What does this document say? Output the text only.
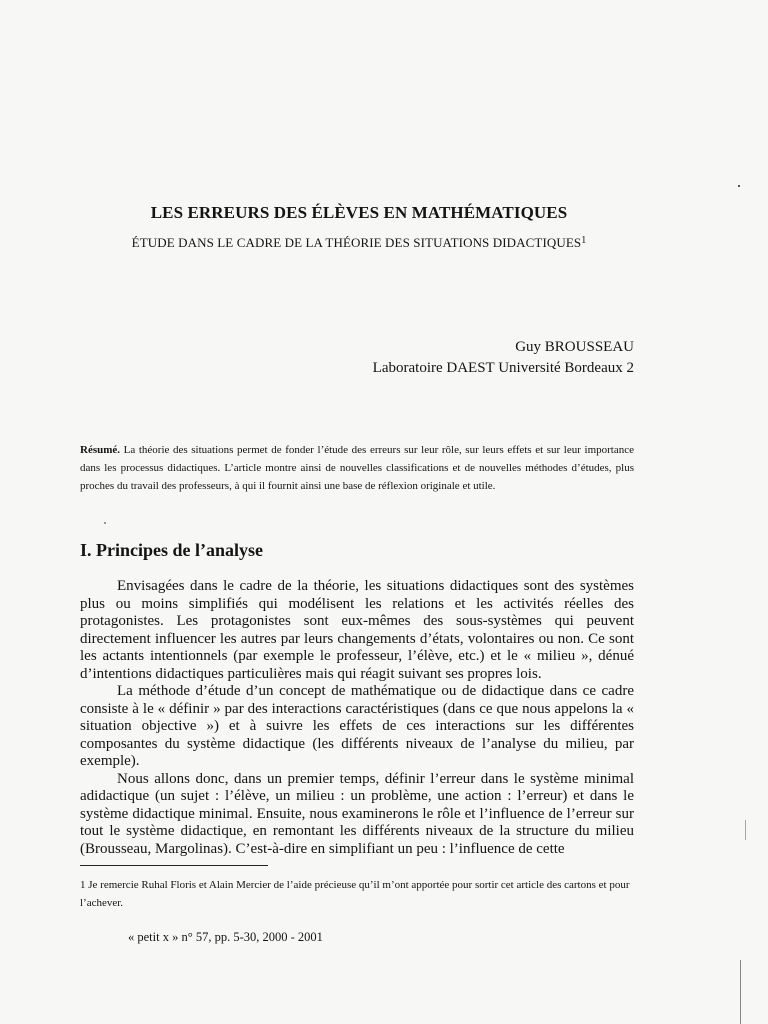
LES ERREURS DES ÉLÈVES EN MATHÉMATIQUES
ÉTUDE DANS LE CADRE DE LA THÉORIE DES SITUATIONS DIDACTIQUES$^1$
Guy BROUSSEAU
Laboratoire DAEST Université Bordeaux 2

Résumé. La théorie des situations permet de fonder l’étude des erreurs sur leur rôle, sur leurs effets et sur leur importance dans les processus didactiques. L’article montre ainsi de nouvelles classifications et de nouvelles méthodes d’études, plus proches du travail des professeurs, à qui il fournit ainsi une base de réflexion originale et utile.

I. Principes de l’analyse

Envisagées dans le cadre de la théorie, les situations didactiques sont des systèmes plus ou moins simplifiés qui modélisent les relations et les activités réelles des protagonistes. Les protagonistes sont eux-mêmes des sous-systèmes qui peuvent directement influencer les autres par leurs changements d’états, volontaires ou non. Ce sont les actants intentionnels (par exemple le professeur, l’élève, etc.) et le « milieu », dénué d’intentions didactiques particulières mais qui réagit suivant ses propres lois.

La méthode d’étude d’un concept de mathématique ou de didactique dans ce cadre consiste à le « définir » par des interactions caractéristiques (dans ce que nous appelons la « situation objective ») et à suivre les effets de ces interactions sur les différentes composantes du système didactique (les différents niveaux de l’analyse du milieu, par exemple).

Nous allons donc, dans un premier temps, définir l’erreur dans le système minimal adidactique (un sujet : l’élève, un milieu : un problème, une action : l’erreur) et dans le système didactique minimal. Ensuite, nous examinerons le rôle et l’influence de l’erreur sur tout le système didactique, en remontant les différents niveaux de la structure du milieu (Brousseau, Margolinas). C’est-à-dire en simplifiant un peu : l’influence de cette

1 Je remercie Ruhal Floris et Alain Mercier de l’aide précieuse qu’il m’ont apportée pour sortir cet article des cartons et pour l’achever.

« petit x » n° 57, pp. 5-30, 2000 - 2001
